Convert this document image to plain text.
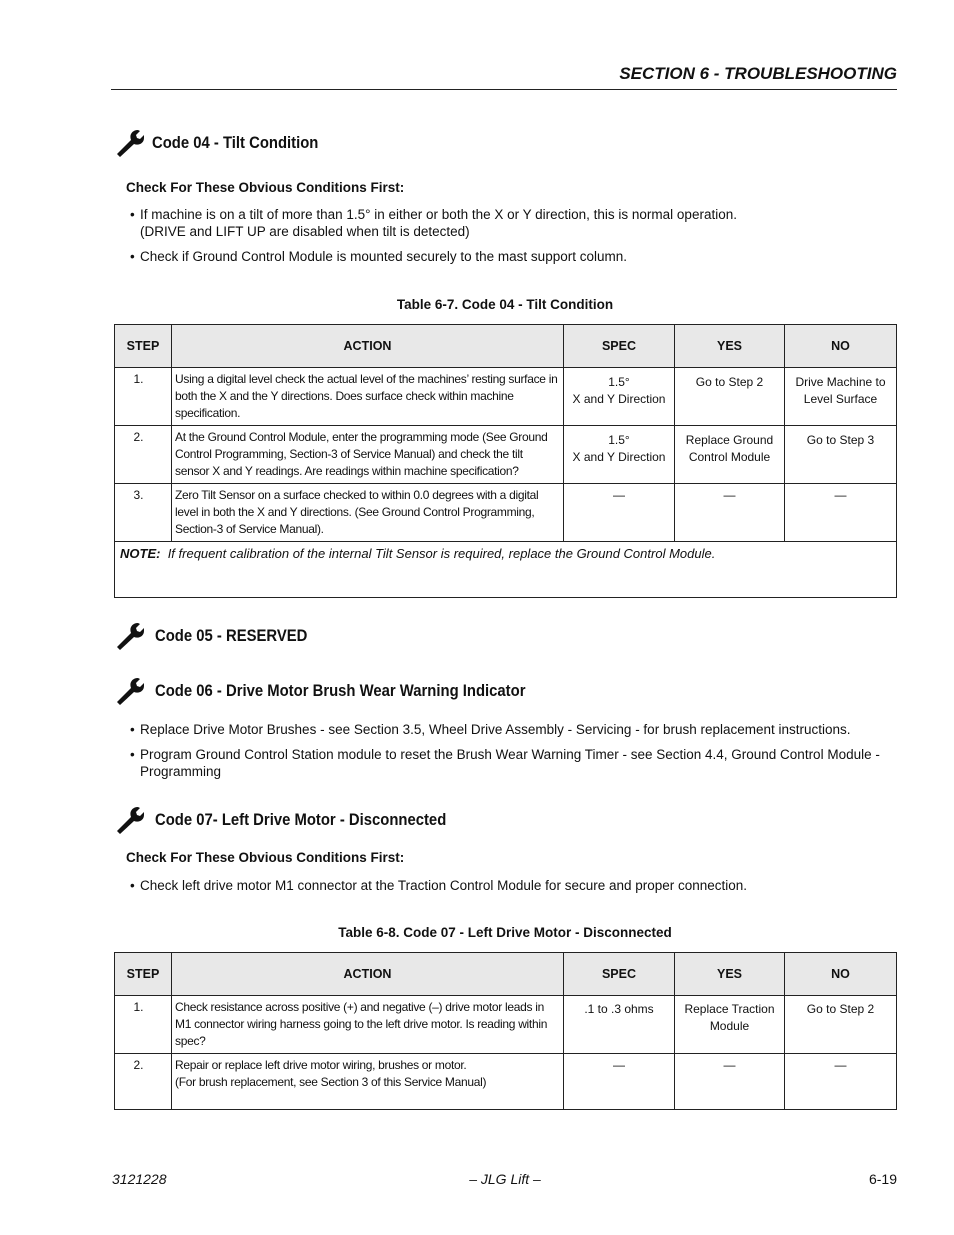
SECTION 6 - TROUBLESHOOTING
Code 04 - Tilt Condition
Check For These Obvious Conditions First:
• If machine is on a tilt of more than 1.5° in either or both the X or Y direction, this is normal operation.
(DRIVE and LIFT UP are disabled when tilt is detected)
• Check if Ground Control Module is mounted securely to the mast support column.
Table 6-7. Code 04 - Tilt Condition
STEP	ACTION	SPEC	YES	NO
1.	Using a digital level check the actual level of the machines’ resting surface in both the X and the Y directions. Does surface check within machine specification.	1.5°
X and Y Direction	Go to Step 2	Drive Machine to Level Surface
2.	At the Ground Control Module, enter the programming mode (See Ground Control Programming, Section-3 of Service Manual) and check the tilt sensor X and Y readings. Are readings within machine specification?	1.5°
X and Y Direction	Replace Ground Control Module	Go to Step 3
3.	Zero Tilt Sensor on a surface checked to within 0.0 degrees with a digital level in both the X and Y directions. (See Ground Control Programming, Section-3 of Service Manual).	—	—	—
NOTE: If frequent calibration of the internal Tilt Sensor is required, replace the Ground Control Module.				
Code 05 - RESERVED
Code 06 - Drive Motor Brush Wear Warning Indicator
• Replace Drive Motor Brushes - see Section 3.5, Wheel Drive Assembly - Servicing - for brush replacement instructions.
• Program Ground Control Station module to reset the Brush Wear Warning Timer - see Section 4.4, Ground Control Module - Programming
Code 07- Left Drive Motor - Disconnected
Check For These Obvious Conditions First:
• Check left drive motor M1 connector at the Traction Control Module for secure and proper connection.
Table 6-8. Code 07 - Left Drive Motor - Disconnected
STEP	ACTION	SPEC	YES	NO
1.	Check resistance across positive (+) and negative (–) drive motor leads in M1 connector wiring harness going to the left drive motor. Is reading within spec?	.1 to .3 ohms	Replace Traction Module	Go to Step 2
2.	Repair or replace left drive motor wiring, brushes or motor.
(For brush replacement, see Section 3 of this Service Manual)	—	—	—
3121228	– JLG Lift –	6-19
